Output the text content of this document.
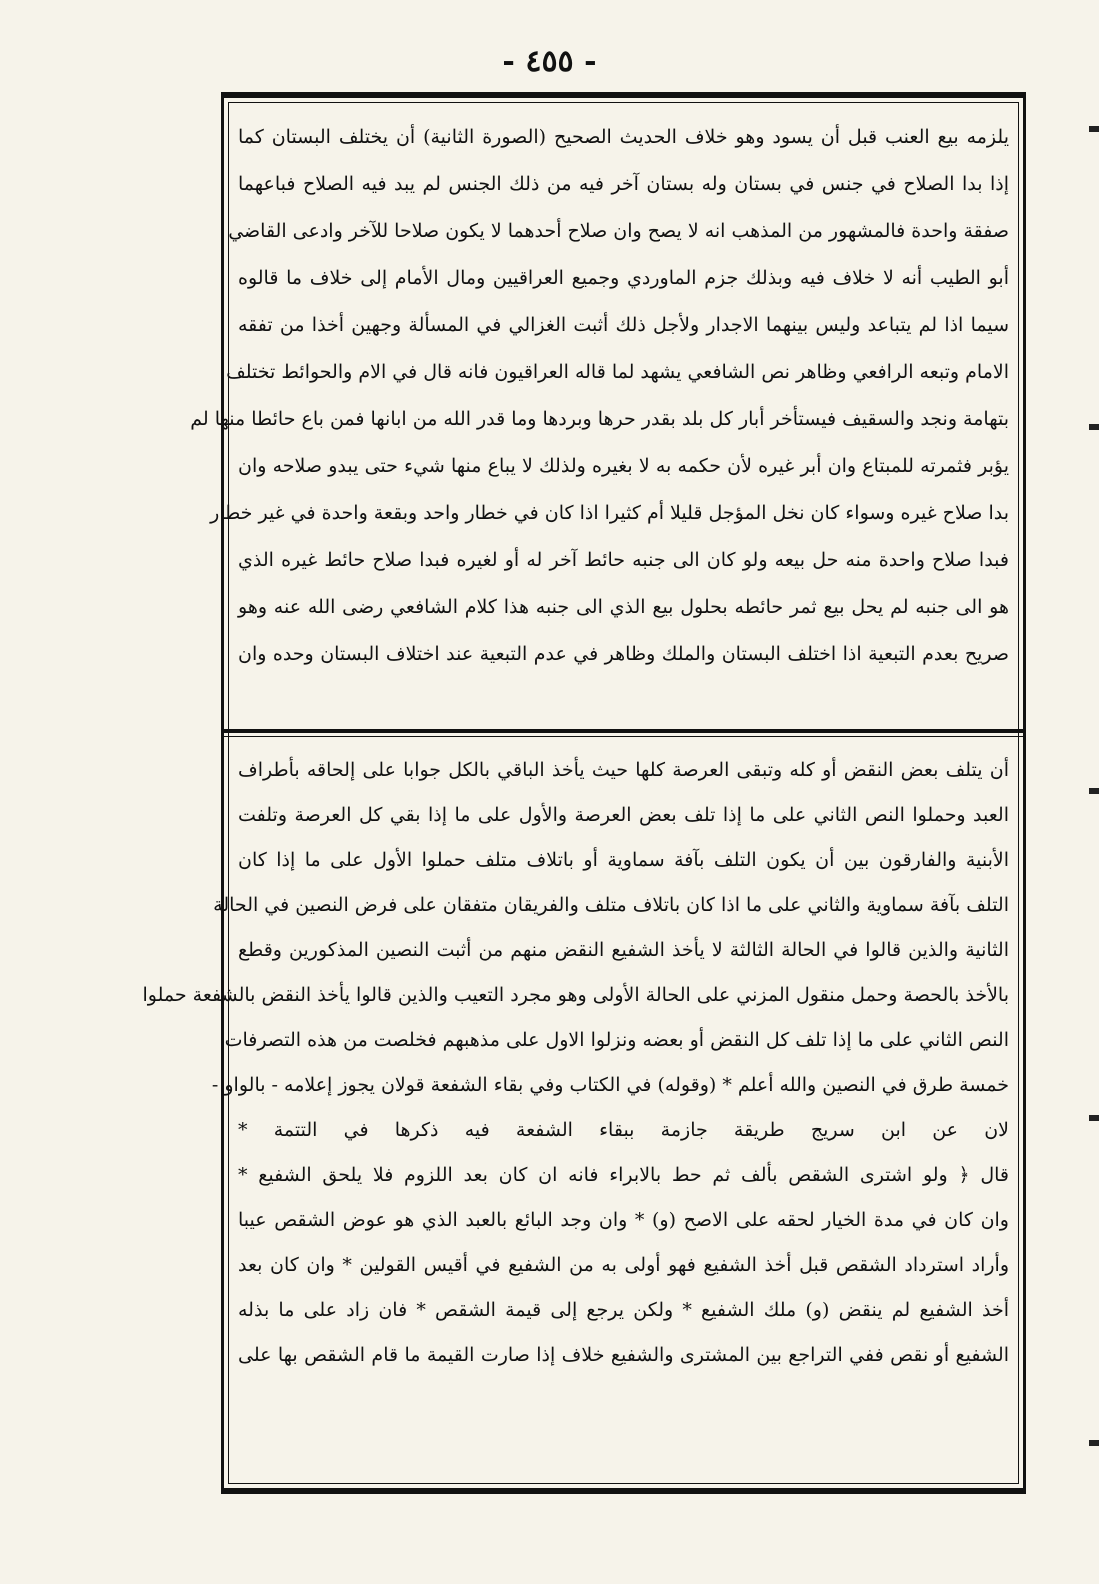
- ٤٥٥ -
يلزمه بيع العنب قبل أن يسود وهو خلاف الحديث الصحيح (الصورة الثانية) أن يختلف البستان كما
إذا بدا الصلاح في جنس في بستان وله بستان آخر فيه من ذلك الجنس لم يبد فيه الصلاح فباعهما
صفقة واحدة فالمشهور من المذهب انه لا يصح وان صلاح أحدهما لا يكون صلاحا للآخر وادعى القاضي
أبو الطيب أنه لا خلاف فيه وبذلك جزم الماوردي وجميع العراقيين ومال الأمام إلى خلاف ما قالوه
سيما اذا لم يتباعد وليس بينهما الاجدار ولأجل ذلك أثبت الغزالي في المسألة وجهين أخذا من تفقه
الامام وتبعه الرافعي وظاهر نص الشافعي يشهد لما قاله العراقيون فانه قال في الام والحوائط تختلف
بتهامة ونجد والسقيف فيستأخر أبار كل بلد بقدر حرها وبردها وما قدر الله من ابانها فمن باع حائطا منها لم
يؤبر فثمرته للمبتاع وان أبر غيره لأن حكمه به لا بغيره ولذلك لا يباع منها شيء حتى يبدو صلاحه وان
بدا صلاح غيره وسواء كان نخل المؤجل قليلا أم كثيرا اذا كان في خطار واحد وبقعة واحدة في غير خطار
فبدا صلاح واحدة منه حل بيعه ولو كان الى جنبه حائط آخر له أو لغيره فبدا صلاح حائط غيره الذي
هو الى جنبه لم يحل بيع ثمر حائطه بحلول بيع الذي الى جنبه هذا كلام الشافعي رضى الله عنه وهو
صريح بعدم التبعية اذا اختلف البستان والملك وظاهر في عدم التبعية عند اختلاف البستان وحده وان
أن يتلف بعض النقض أو كله وتبقى العرصة كلها حيث يأخذ الباقي بالكل جوابا على إلحاقه بأطراف
العبد وحملوا النص الثاني على ما إذا تلف بعض العرصة والأول على ما إذا بقي كل العرصة وتلفت
الأبنية والفارقون بين أن يكون التلف بآفة سماوية أو باتلاف متلف حملوا الأول على ما إذا كان
التلف بآفة سماوية والثاني على ما اذا كان باتلاف متلف والفريقان متفقان على فرض النصين في الحالة
الثانية والذين قالوا في الحالة الثالثة لا يأخذ الشفيع النقض منهم من أثبت النصين المذكورين وقطع
بالأخذ بالحصة وحمل منقول المزني على الحالة الأولى وهو مجرد التعيب والذين قالوا يأخذ النقض بالشفعة حملوا
النص الثاني على ما إذا تلف كل النقض أو بعضه ونزلوا الاول على مذهبهم فخلصت من هذه التصرفات
خمسة طرق في النصين والله أعلم * (وقوله) في الكتاب وفي بقاء الشفعة قولان يجوز إعلامه - بالواو -
لان عن ابن سريج طريقة جازمة ببقاء الشفعة فيه ذكرها في التتمة *
قال ﴿ ولو اشترى الشقص بألف ثم حط بالابراء فانه ان كان بعد اللزوم فلا يلحق الشفيع *
وان كان في مدة الخيار لحقه على الاصح (و) * وان وجد البائع بالعبد الذي هو عوض الشقص عيبا
وأراد استرداد الشقص قبل أخذ الشفيع فهو أولى به من الشفيع في أقيس القولين * وان كان بعد
أخذ الشفيع لم ينقض (و) ملك الشفيع * ولكن يرجع إلى قيمة الشقص * فان زاد على ما بذله
الشفيع أو نقص ففي التراجع بين المشترى والشفيع خلاف إذا صارت القيمة ما قام الشقص بها على
